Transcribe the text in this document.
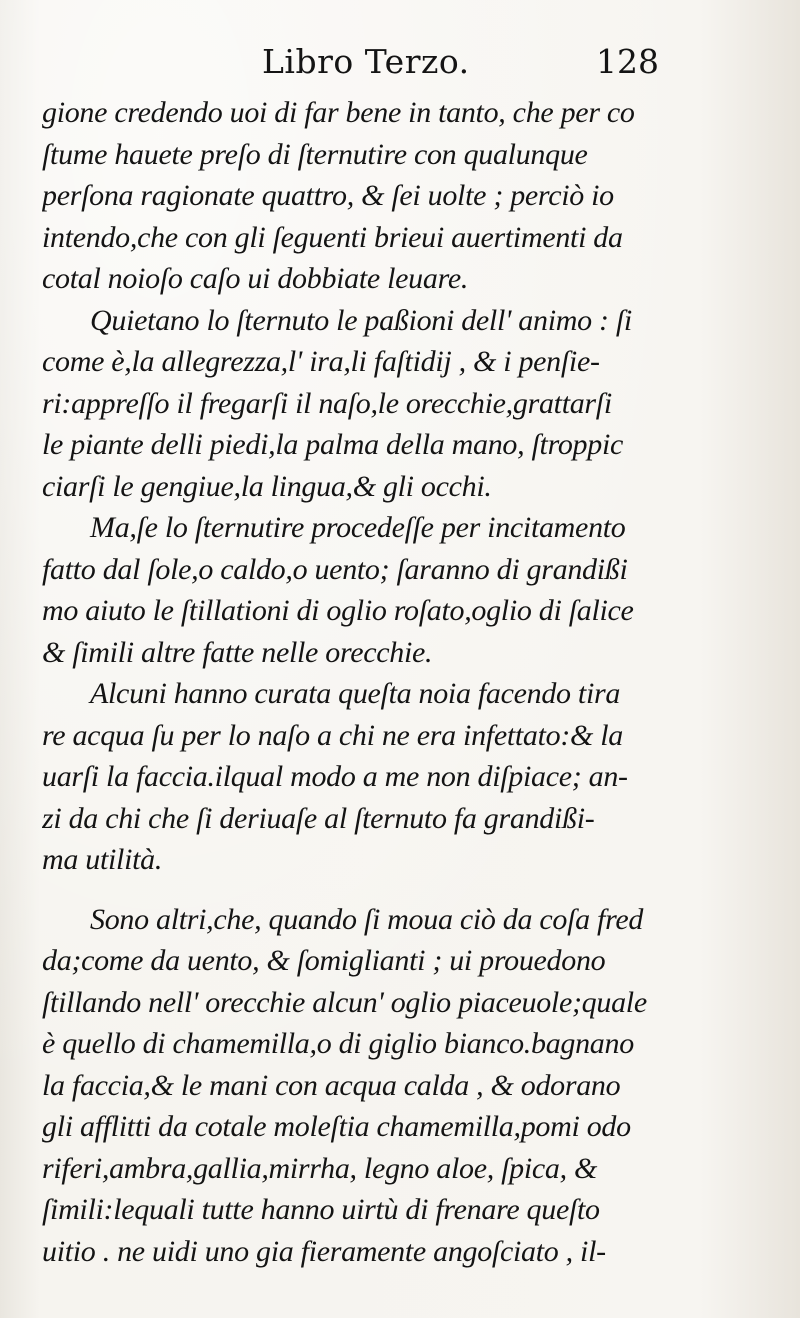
Libro Terzo.	128
gione credendo uoi di far bene in tanto, che per co
ſtume hauete preſo di ſternutire con qualunque
perſona ragionate quattro, & ſei uolte ; perciò io
intendo,che con gli ſeguenti brieui auertimenti da
cotal noioſo caſo ui dobbiate leuare.
Quietano lo ſternuto le paßioni dell' animo : ſi
come è,la allegrezza,l' ira,li faſtidij , & i penſie-
ri:appreſſo il fregarſi il naſo,le orecchie,grattarſi
le piante delli piedi,la palma della mano, ſtroppic
ciarſi le gengiue,la lingua,& gli occhi.
Ma,ſe lo ſternutire procedeſſe per incitamento
fatto dal ſole,o caldo,o uento; ſaranno di grandißi
mo aiuto le ſtillationi di oglio roſato,oglio di ſalice
& ſimili altre fatte nelle orecchie.
Alcuni hanno curata queſta noia facendo tira
re acqua ſu per lo naſo a chi ne era infettato:& la
uarſi la faccia.ilqual modo a me non diſpiace; an-
zi da chi che ſi deriuaſe al ſternuto fa grandißi-
ma utilità.
Sono altri,che, quando ſi moua ciò da coſa fred
da;come da uento, & ſomiglianti ; ui prouedono
ſtillando nell' orecchie alcun' oglio piaceuole;quale
è quello di chamemilla,o di giglio bianco.bagnano
la faccia,& le mani con acqua calda , & odorano
gli afflitti da cotale moleſtia chamemilla,pomi odo
riferi,ambra,gallia,mirrha, legno aloe, ſpica, &
ſimili:lequali tutte hanno uirtù di frenare queſto
uitio . ne uidi uno gia fieramente angoſciato , il-
